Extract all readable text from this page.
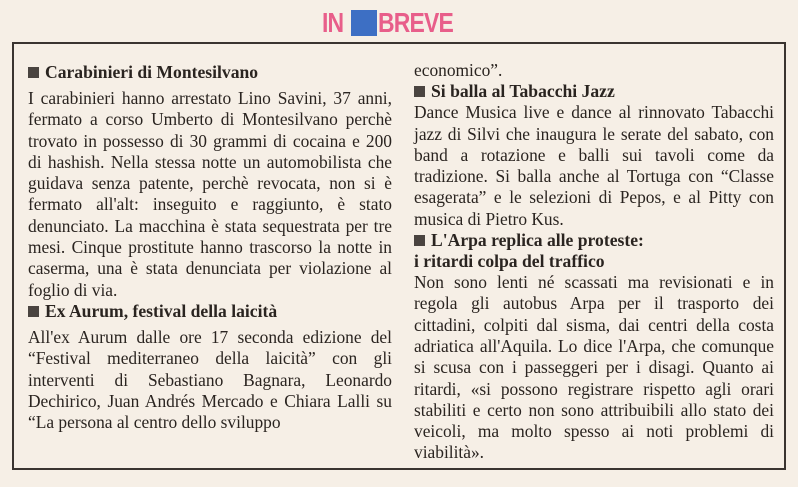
IN BREVE
Carabinieri di Montesilvano

I carabinieri hanno arrestato Lino Savini, 37 anni, fermato a corso Umberto di Montesilvano perchè trovato in possesso di 30 grammi di cocaina e 200 di hashish. Nella stessa notte un automobilista che guidava senza patente, perchè revocata, non si è fermato all'alt: inseguito e raggiunto, è stato denunciato. La macchina è stata sequestrata per tre mesi. Cinque prostitute hanno trascorso la notte in caserma, una è stata denunciata per violazione al foglio di via.

Ex Aurum, festival della laicità

All'ex Aurum dalle ore 17 seconda edizione del “Festival mediterraneo della laicità” con gli interventi di Sebastiano Bagnara, Leonardo Dechirico, Juan Andrés Mercado e Chiara Lalli su “La persona al centro dello sviluppo

economico”.

Si balla al Tabacchi Jazz

Dance Musica live e dance al rinnovato Tabacchi jazz di Silvi che inaugura le serate del sabato, con band a rotazione e balli sui tavoli come da tradizione. Si balla anche al Tortuga con “Classe esagerata” e le selezioni di Pepos, e al Pitty con musica di Pietro Kus.

L'Arpa replica alle proteste:
i ritardi colpa del traffico

Non sono lenti né scassati ma revisionati e in regola gli autobus Arpa per il trasporto dei cittadini, colpiti dal sisma, dai centri della costa adriatica all'Aquila. Lo dice l'Arpa, che comunque si scusa con i passeggeri per i disagi. Quanto ai ritardi, «si possono registrare rispetto agli orari stabiliti e certo non sono attribuibili allo stato dei veicoli, ma molto spesso ai noti problemi di viabilità».
